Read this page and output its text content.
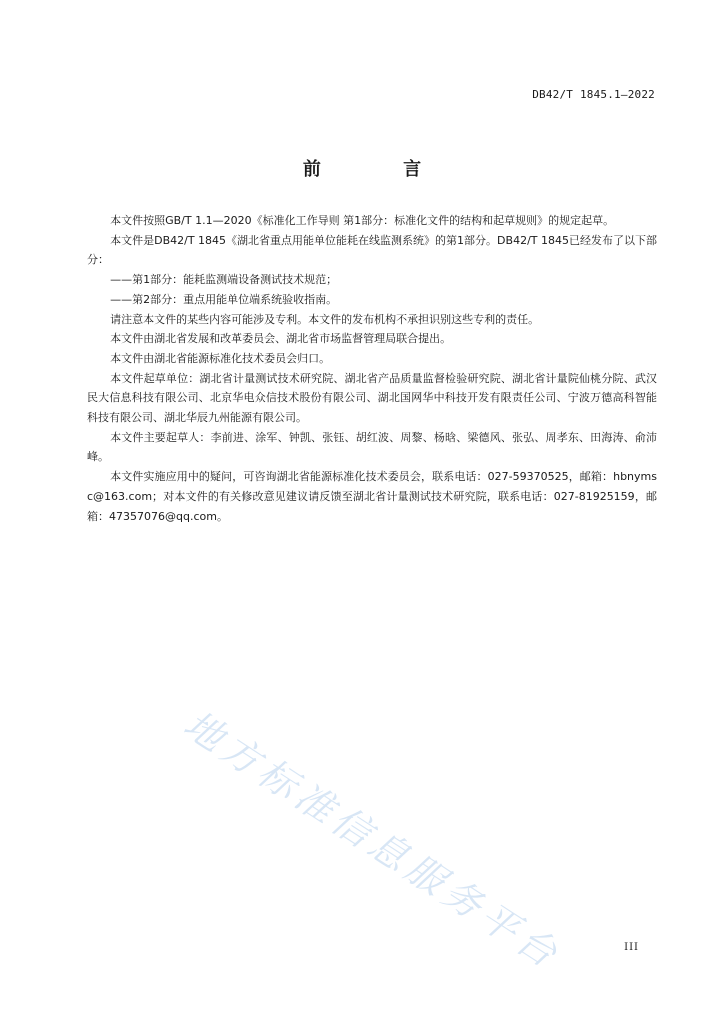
DB42/T 1845.1—2022
前 言

本文件按照GB/T 1.1—2020《标准化工作导则 第1部分：标准化文件的结构和起草规则》的规定起草。

本文件是DB42/T 1845《湖北省重点用能单位能耗在线监测系统》的第1部分。DB42/T 1845已经发布了以下部分：

——第1部分：能耗监测端设备测试技术规范；

——第2部分：重点用能单位端系统验收指南。

请注意本文件的某些内容可能涉及专利。本文件的发布机构不承担识别这些专利的责任。

本文件由湖北省发展和改革委员会、湖北省市场监督管理局联合提出。

本文件由湖北省能源标准化技术委员会归口。

本文件起草单位：湖北省计量测试技术研究院、湖北省产品质量监督检验研究院、湖北省计量院仙桃分院、武汉民大信息科技有限公司、北京华电众信技术股份有限公司、湖北国网华中科技开发有限责任公司、宁波万德高科智能科技有限公司、湖北华辰九州能源有限公司。

本文件主要起草人：李前进、涂军、钟凯、张钰、胡红波、周黎、杨晗、梁德风、张弘、周孝东、田海涛、俞沛峰。

本文件实施应用中的疑问，可咨询湖北省能源标准化技术委员会，联系电话：027-59370525，邮箱：hbnymsc@163.com；对本文件的有关修改意见建议请反馈至湖北省计量测试技术研究院，联系电话：027-81925159，邮箱：47357076@qq.com。

地方标准信息服务平台	III
